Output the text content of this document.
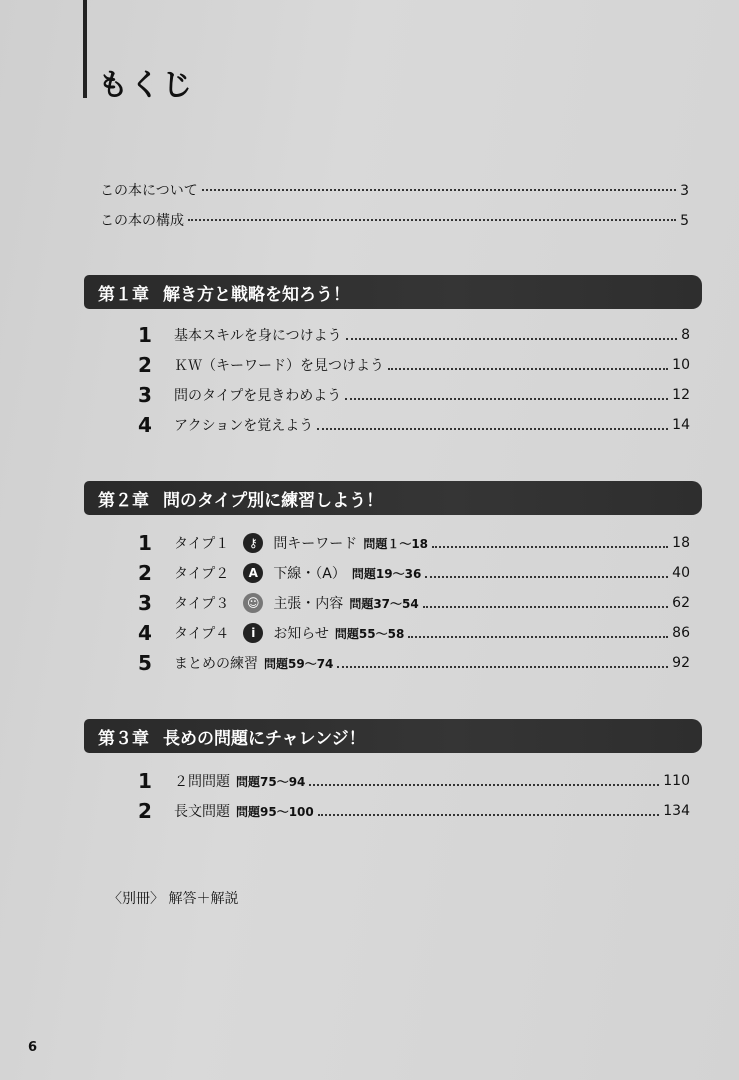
もくじ
この本について	3
この本の構成	5
第１章 解き方と戦略を知ろう！
1	基本スキルを身につけよう	8
2	ＫＷ（キーワード）を見つけよう	10
3	問のタイプを見きわめよう	12
4	アクションを覚えよう	14
第２章 問のタイプ別に練習しよう！
1	タイプ１	⚷	問キーワード 問題１～18	18
2	タイプ２	A	下線・（A） 問題19～36	40
3	タイプ３	☺ 主張・内容 問題37～54	62
4	タイプ４	i	お知らせ 問題55～58	86
5	まとめの練習 問題59～74	92
第３章 長めの問題にチャレンジ！
1	２問問題 問題75～94	110
2	長文問題 問題95～100	134
〈別冊〉 解答＋解説
6
